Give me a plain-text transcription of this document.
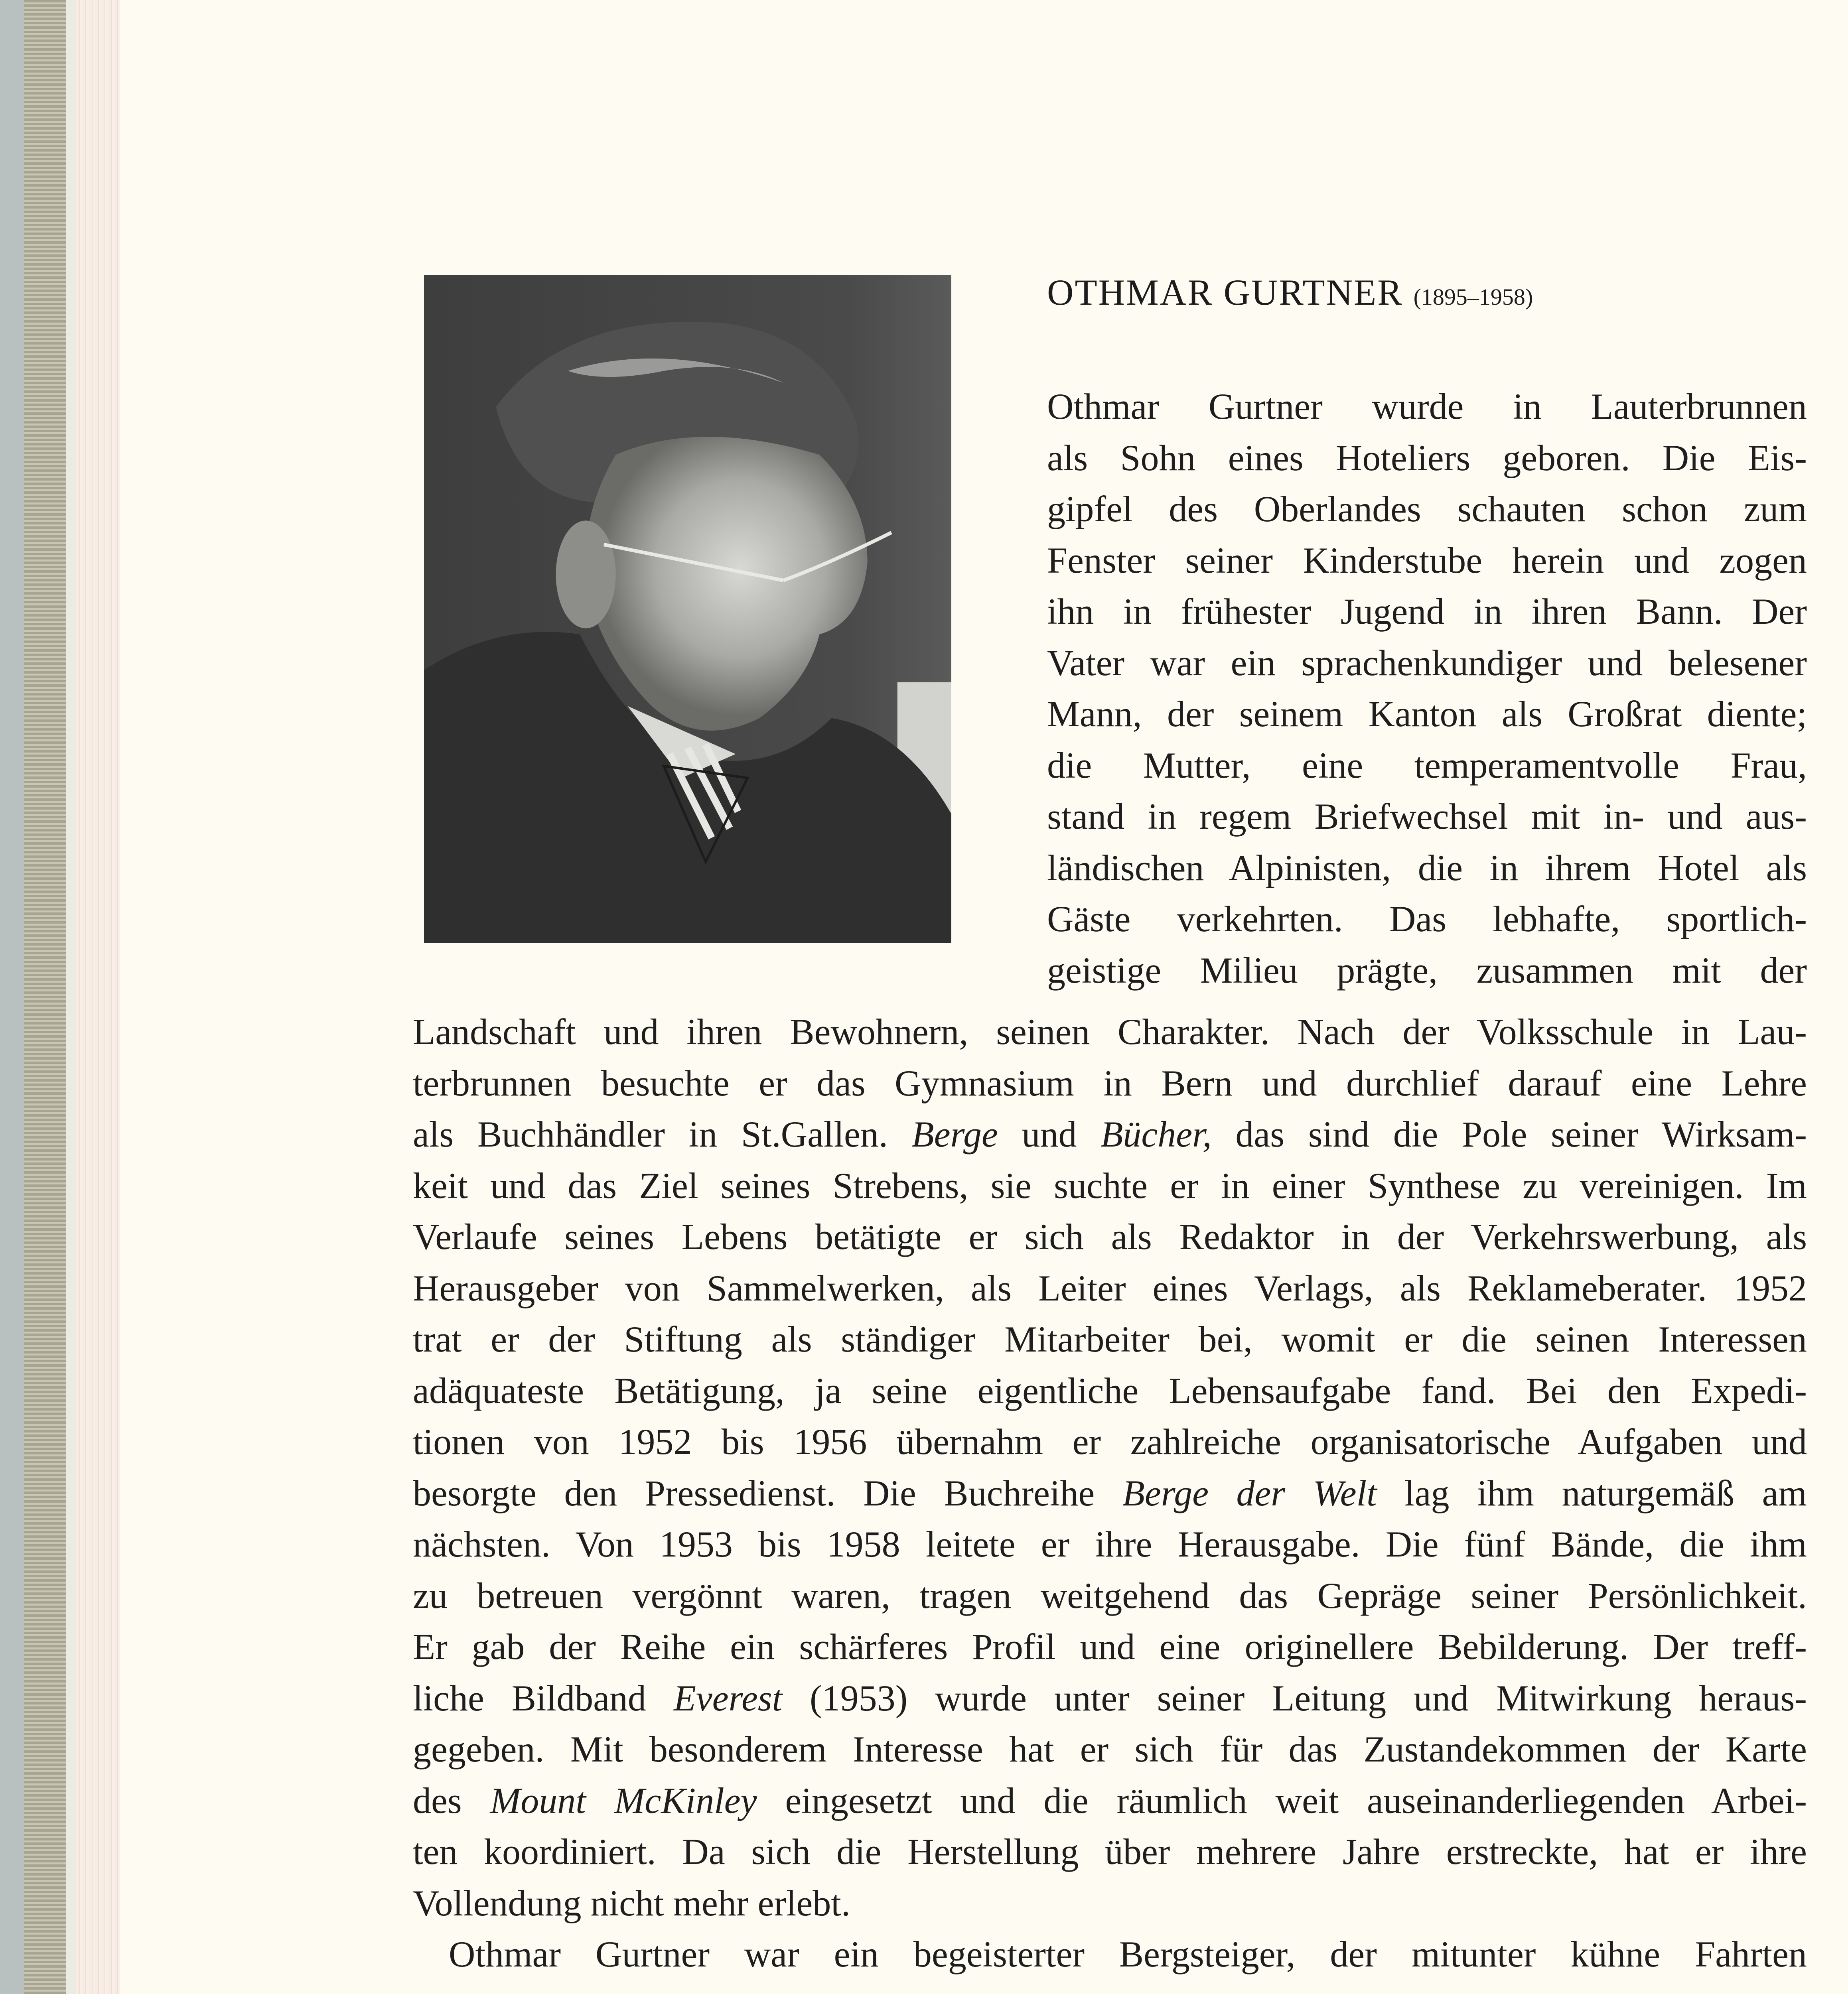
OTHMAR GURTNER (1895–1958)
Othmar Gurtner wurde in Lauterbrunnen
als Sohn eines Hoteliers geboren. Die Eis-
gipfel des Oberlandes schauten schon zum
Fenster seiner Kinderstube herein und zogen
ihn in frühester Jugend in ihren Bann. Der
Vater war ein sprachenkundiger und belesener
Mann, der seinem Kanton als Großrat diente;
die Mutter, eine temperamentvolle Frau,
stand in regem Briefwechsel mit in- und aus-
ländischen Alpinisten, die in ihrem Hotel als
Gäste verkehrten. Das lebhafte, sportlich-
geistige Milieu prägte, zusammen mit der
Landschaft und ihren Bewohnern, seinen Charakter. Nach der Volksschule in Lau-
terbrunnen besuchte er das Gymnasium in Bern und durchlief darauf eine Lehre
als Buchhändler in St.Gallen. Berge und Bücher, das sind die Pole seiner Wirksam-
keit und das Ziel seines Strebens, sie suchte er in einer Synthese zu vereinigen. Im
Verlaufe seines Lebens betätigte er sich als Redaktor in der Verkehrswerbung, als
Herausgeber von Sammelwerken, als Leiter eines Verlags, als Reklameberater. 1952
trat er der Stiftung als ständiger Mitarbeiter bei, womit er die seinen Interessen
adäquateste Betätigung, ja seine eigentliche Lebensaufgabe fand. Bei den Expedi-
tionen von 1952 bis 1956 übernahm er zahlreiche organisatorische Aufgaben und
besorgte den Pressedienst. Die Buchreihe Berge der Welt lag ihm naturgemäß am
nächsten. Von 1953 bis 1958 leitete er ihre Herausgabe. Die fünf Bände, die ihm
zu betreuen vergönnt waren, tragen weitgehend das Gepräge seiner Persönlichkeit.
Er gab der Reihe ein schärferes Profil und eine originellere Bebilderung. Der treff-
liche Bildband Everest (1953) wurde unter seiner Leitung und Mitwirkung heraus-
gegeben. Mit besonderem Interesse hat er sich für das Zustandekommen der Karte
des Mount McKinley eingesetzt und die räumlich weit auseinanderliegenden Arbei-
ten koordiniert. Da sich die Herstellung über mehrere Jahre erstreckte, hat er ihre
Vollendung nicht mehr erlebt.
Othmar Gurtner war ein begeisterter Bergsteiger, der mitunter kühne Fahrten
